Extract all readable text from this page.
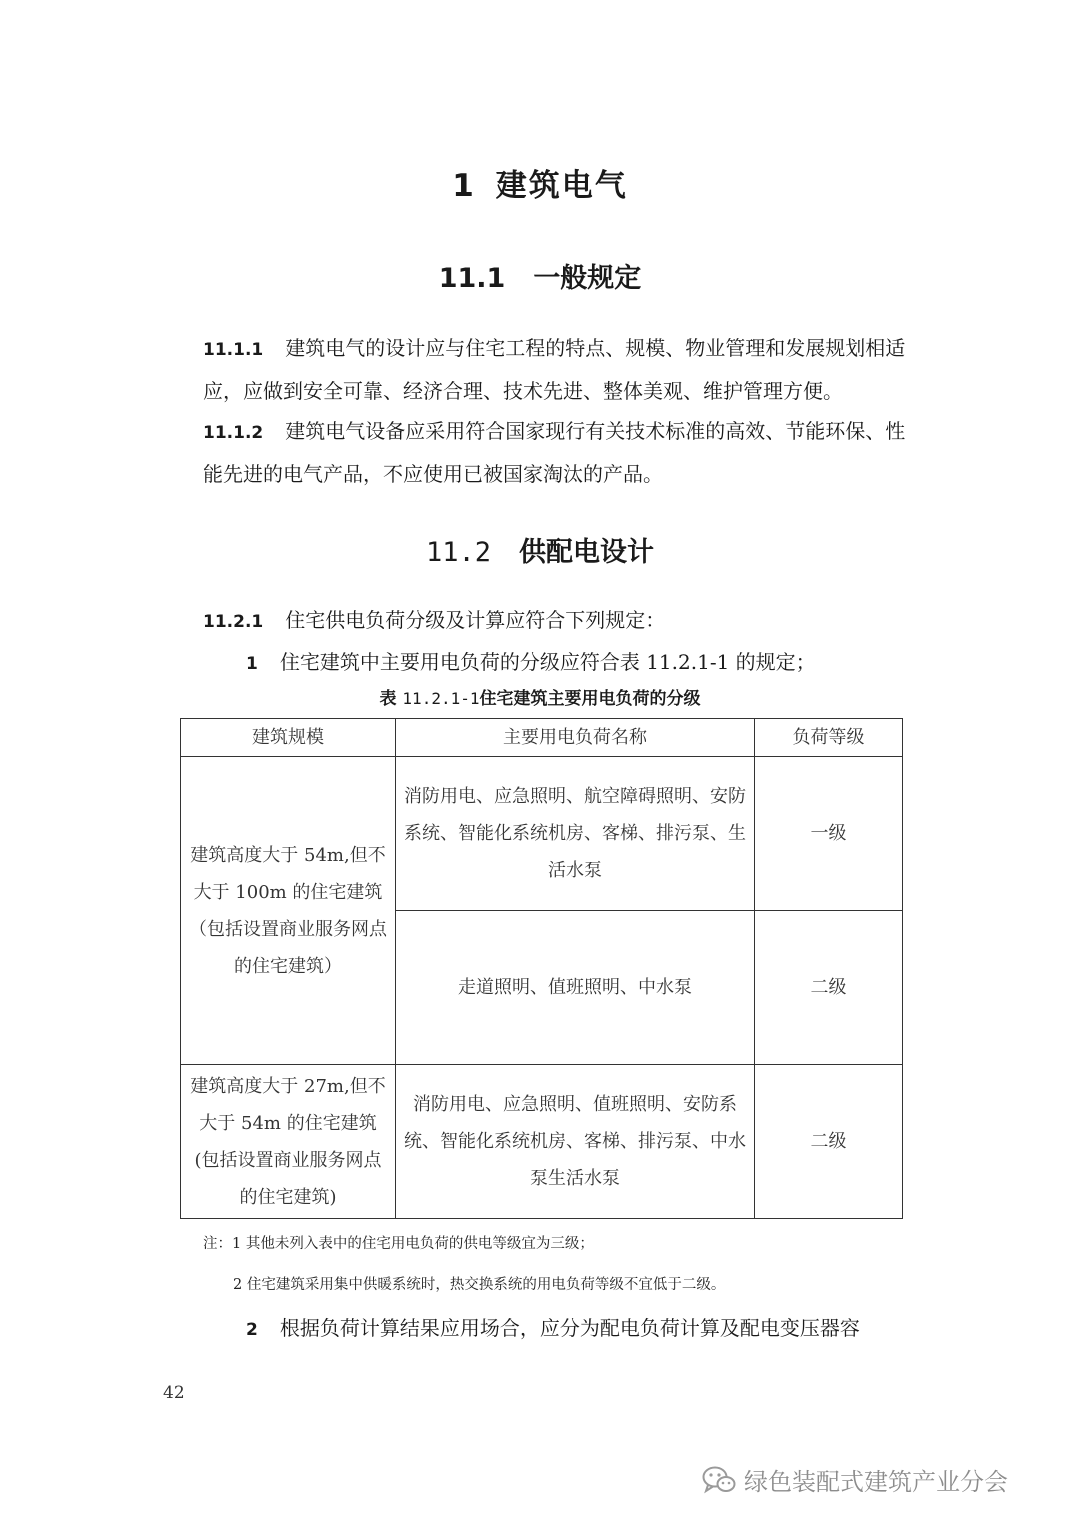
1 建筑电气
11.1 一般规定
11.1.1 建筑电气的设计应与住宅工程的特点、规模、物业管理和发展规划相适应，应做到安全可靠、经济合理、技术先进、整体美观、维护管理方便。
11.1.2 建筑电气设备应采用符合国家现行有关技术标准的高效、节能环保、性能先进的电气产品，不应使用已被国家淘汰的产品。
11.2 供配电设计
11.2.1 住宅供电负荷分级及计算应符合下列规定：
1 住宅建筑中主要用电负荷的分级应符合表 11.2.1-1 的规定；
表 11.2.1-1住宅建筑主要用电负荷的分级
建筑规模	主要用电负荷名称	负荷等级
建筑高度大于 54m,但不大于 100m 的住宅建筑（包括设置商业服务网点的住宅建筑）	消防用电、应急照明、航空障碍照明、安防系统、智能化系统机房、客梯、排污泵、生活水泵	一级
	走道照明、值班照明、中水泵	二级
建筑高度大于 27m,但不大于 54m 的住宅建筑(包括设置商业服务网点的住宅建筑)	消防用电、应急照明、值班照明、安防系统、智能化系统机房、客梯、排污泵、中水泵生活水泵	二级
注：1 其他未列入表中的住宅用电负荷的供电等级宜为三级；
2 住宅建筑采用集中供暖系统时，热交换系统的用电负荷等级不宜低于二级。
2 根据负荷计算结果应用场合，应分为配电负荷计算及配电变压器容
42
绿色装配式建筑产业分会
